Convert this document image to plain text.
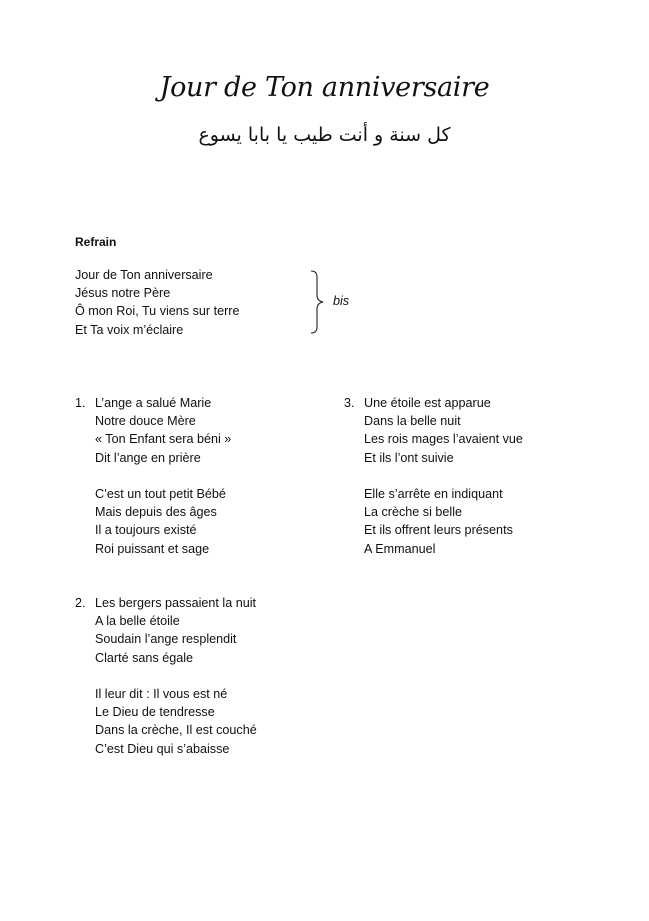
Jour de Ton anniversaire
كل سنة و أنت طيب يا بابا يسوع
Refrain
Jour de Ton anniversaire
Jésus notre Père
Ô mon Roi, Tu viens sur terre
Et Ta voix m’éclaire
bis
1. L’ange a salué Marie
Notre douce Mère
« Ton Enfant sera béni »
Dit l’ange en prière
C’est un tout petit Bébé
Mais depuis des âges
Il a toujours existé
Roi puissant et sage
2. Les bergers passaient la nuit
A la belle étoile
Soudain l’ange resplendit
Clarté sans égale
Il leur dit : Il vous est né
Le Dieu de tendresse
Dans la crèche, Il est couché
C’est Dieu qui s’abaisse
3. Une étoile est apparue
Dans la belle nuit
Les rois mages l’avaient vue
Et ils l’ont suivie
Elle s’arrête en indiquant
La crèche si belle
Et ils offrent leurs présents
A Emmanuel
